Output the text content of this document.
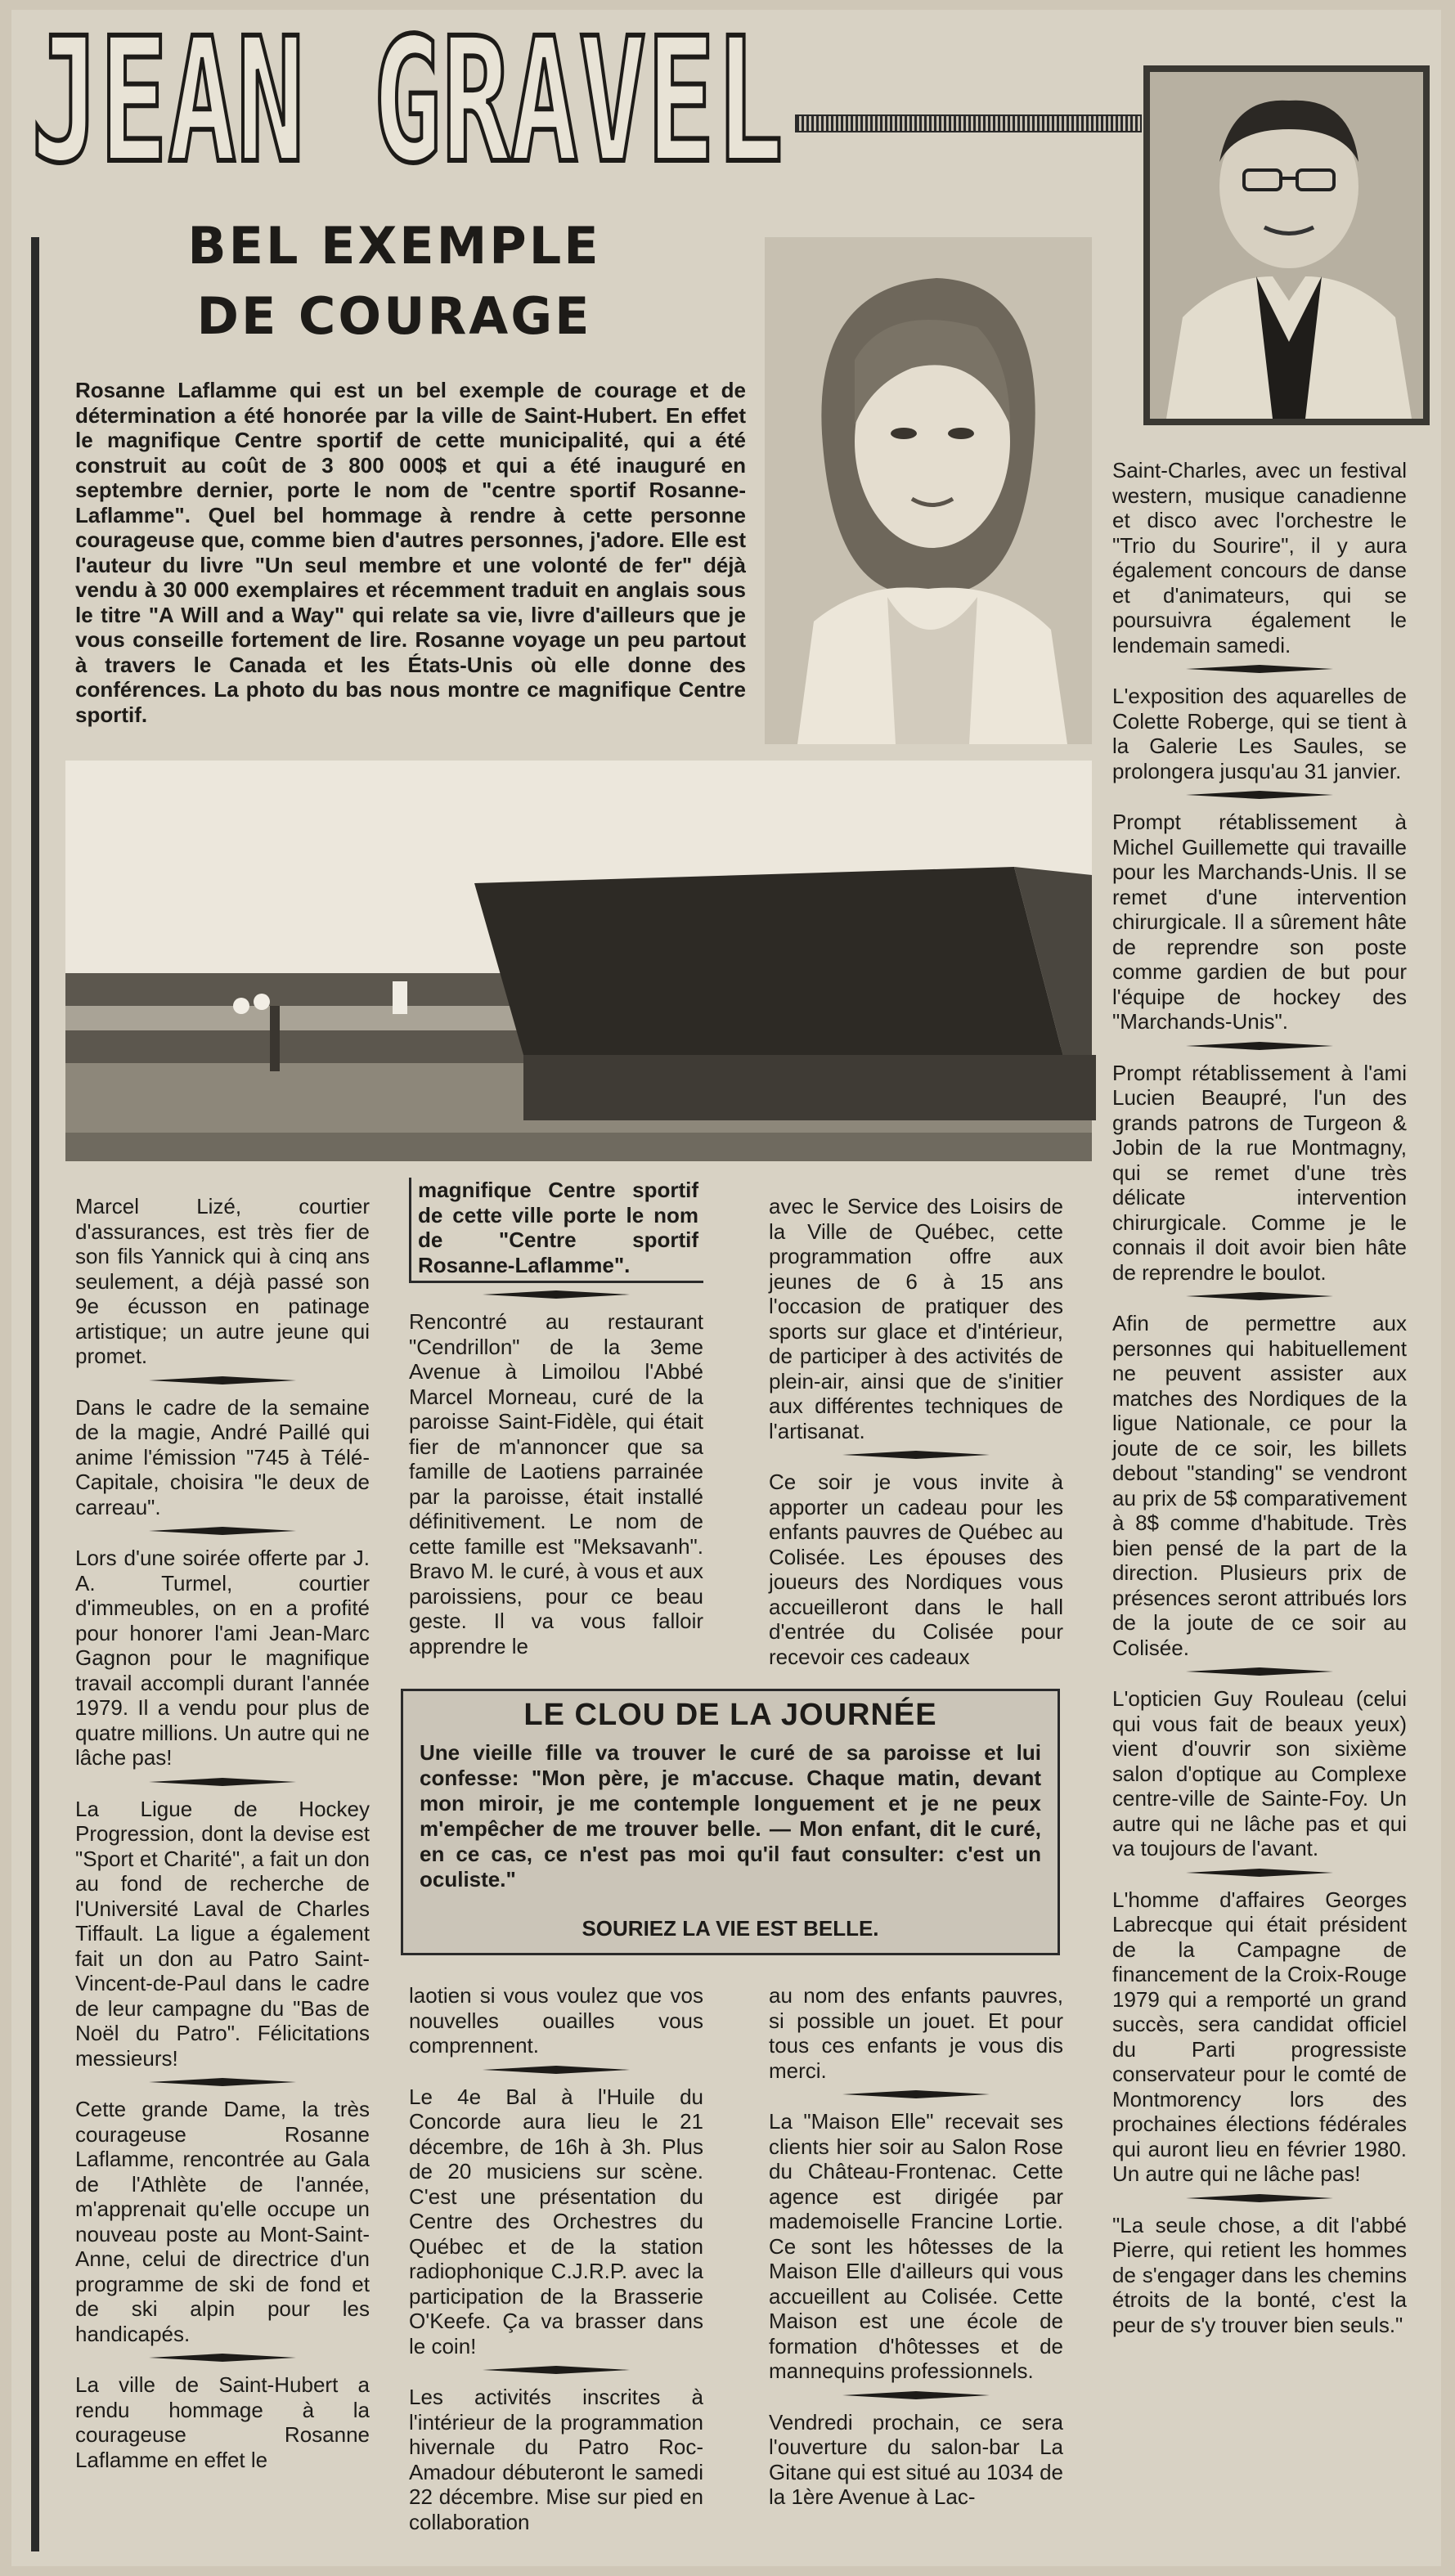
JEAN GRAVEL
BEL EXEMPLE
DE COURAGE
Rosanne Laflamme qui est un bel exemple de courage et de détermination a été honorée par la ville de Saint-Hubert. En effet le magnifique Centre sportif de cette municipalité, qui a été construit au coût de 3 800 000$ et qui a été inauguré en septembre dernier, porte le nom de "centre sportif Rosanne-Laflamme". Quel bel hommage à rendre à cette personne courageuse que, comme bien d'autres personnes, j'adore. Elle est l'auteur du livre "Un seul membre et une volonté de fer" déjà vendu à 30 000 exemplaires et récemment traduit en anglais sous le titre "A Will and a Way" qui relate sa vie, livre d'ailleurs que je vous conseille fortement de lire. Rosanne voyage un peu partout à travers le Canada et les États-Unis où elle donne des conférences. La photo du bas nous montre ce magnifique Centre sportif.

Saint-Charles, avec un festival western, musique canadienne et disco avec l'orchestre le "Trio du Sourire", il y aura également concours de danse et d'animateurs, qui se poursuivra également le lendemain samedi.

L'exposition des aquarelles de Colette Roberge, qui se tient à la Galerie Les Saules, se prolongera jusqu'au 31 janvier.

Prompt rétablissement à Michel Guillemette qui travaille pour les Marchands-Unis. Il se remet d'une intervention chirurgicale. Il a sûrement hâte de reprendre son poste comme gardien de but pour l'équipe de hockey des "Marchands-Unis".

Prompt rétablissement à l'ami Lucien Beaupré, l'un des grands patrons de Turgeon & Jobin de la rue Montmagny, qui se remet d'une très délicate intervention chirurgicale. Comme je le connais il doit avoir bien hâte de reprendre le boulot.

Afin de permettre aux personnes qui habituellement ne peuvent assister aux matches des Nordiques de la ligue Nationale, ce pour la joute de ce soir, les billets debout "standing" se vendront au prix de 5$ comparativement à 8$ comme d'habitude. Très bien pensé de la part de la direction. Plusieurs prix de présences seront attribués lors de la joute de ce soir au Colisée.

L'opticien Guy Rouleau (celui qui vous fait de beaux yeux) vient d'ouvrir son sixième salon d'optique au Complexe centre-ville de Sainte-Foy. Un autre qui ne lâche pas et qui va toujours de l'avant.

L'homme d'affaires Georges Labrecque qui était président de la Campagne de financement de la Croix-Rouge 1979 qui a remporté un grand succès, sera candidat officiel du Parti progressiste conservateur pour le comté de Montmorency lors des prochaines élections fédérales qui auront lieu en février 1980. Un autre qui ne lâche pas!

"La seule chose, a dit l'abbé Pierre, qui retient les hommes de s'engager dans les chemins étroits de la bonté, c'est la peur de s'y trouver bien seuls."

Marcel Lizé, courtier d'assurances, est très fier de son fils Yannick qui à cinq ans seulement, a déjà passé son 9e écusson en patinage artistique; un autre jeune qui promet.

Dans le cadre de la semaine de la magie, André Paillé qui anime l'émission "745 à Télé-Capitale, choisira "le deux de carreau".

Lors d'une soirée offerte par J. A. Turmel, courtier d'immeubles, on en a profité pour honorer l'ami Jean-Marc Gagnon pour le magnifique travail accompli durant l'année 1979. Il a vendu pour plus de quatre millions. Un autre qui ne lâche pas!

La Ligue de Hockey Progression, dont la devise est "Sport et Charité", a fait un don au fond de recherche de l'Université Laval de Charles Tiffault. La ligue a également fait un don au Patro Saint-Vincent-de-Paul dans le cadre de leur campagne du "Bas de Noël du Patro". Félicitations messieurs!

Cette grande Dame, la très courageuse Rosanne Laflamme, rencontrée au Gala de l'Athlète de l'année, m'apprenait qu'elle occupe un nouveau poste au Mont-Saint-Anne, celui de directrice d'un programme de ski de fond et de ski alpin pour les handicapés.

La ville de Saint-Hubert a rendu hommage à la courageuse Rosanne Laflamme en effet le

magnifique Centre sportif de cette ville porte le nom de "Centre sportif Rosanne-Laflamme".

Rencontré au restaurant "Cendrillon" de la 3eme Avenue à Limoilou l'Abbé Marcel Morneau, curé de la paroisse Saint-Fidèle, qui était fier de m'annoncer que sa famille de Laotiens parrainée par la paroisse, était installé définitivement. Le nom de cette famille est "Meksavanh". Bravo M. le curé, à vous et aux paroissiens, pour ce beau geste. Il va vous falloir apprendre le

avec le Service des Loisirs de la Ville de Québec, cette programmation offre aux jeunes de 6 à 15 ans l'occasion de pratiquer des sports sur glace et d'intérieur, de participer à des activités de plein-air, ainsi que de s'initier aux différentes techniques de l'artisanat.

Ce soir je vous invite à apporter un cadeau pour les enfants pauvres de Québec au Colisée. Les épouses des joueurs des Nordiques vous accueilleront dans le hall d'entrée du Colisée pour recevoir ces cadeaux

LE CLOU DE LA JOURNÉE
Une vieille fille va trouver le curé de sa paroisse et lui confesse: "Mon père, je m'accuse. Chaque matin, devant mon miroir, je me contemple longuement et je ne peux m'empêcher de me trouver belle. — Mon enfant, dit le curé, en ce cas, ce n'est pas moi qu'il faut consulter: c'est un oculiste."
SOURIEZ LA VIE EST BELLE.

laotien si vous voulez que vos nouvelles ouailles vous comprennent.

Le 4e Bal à l'Huile du Concorde aura lieu le 21 décembre, de 16h à 3h. Plus de 20 musiciens sur scène. C'est une présentation du Centre des Orchestres du Québec et de la station radiophonique C.J.R.P. avec la participation de la Brasserie O'Keefe. Ça va brasser dans le coin!

Les activités inscrites à l'intérieur de la programmation hivernale du Patro Roc-Amadour débuteront le samedi 22 décembre. Mise sur pied en collaboration

au nom des enfants pauvres, si possible un jouet. Et pour tous ces enfants je vous dis merci.

La "Maison Elle" recevait ses clients hier soir au Salon Rose du Château-Frontenac. Cette agence est dirigée par mademoiselle Francine Lortie. Ce sont les hôtesses de la Maison Elle d'ailleurs qui vous accueillent au Colisée. Cette Maison est une école de formation d'hôtesses et de mannequins professionnels.

Vendredi prochain, ce sera l'ouverture du salon-bar La Gitane qui est situé au 1034 de la 1ère Avenue à Lac-
